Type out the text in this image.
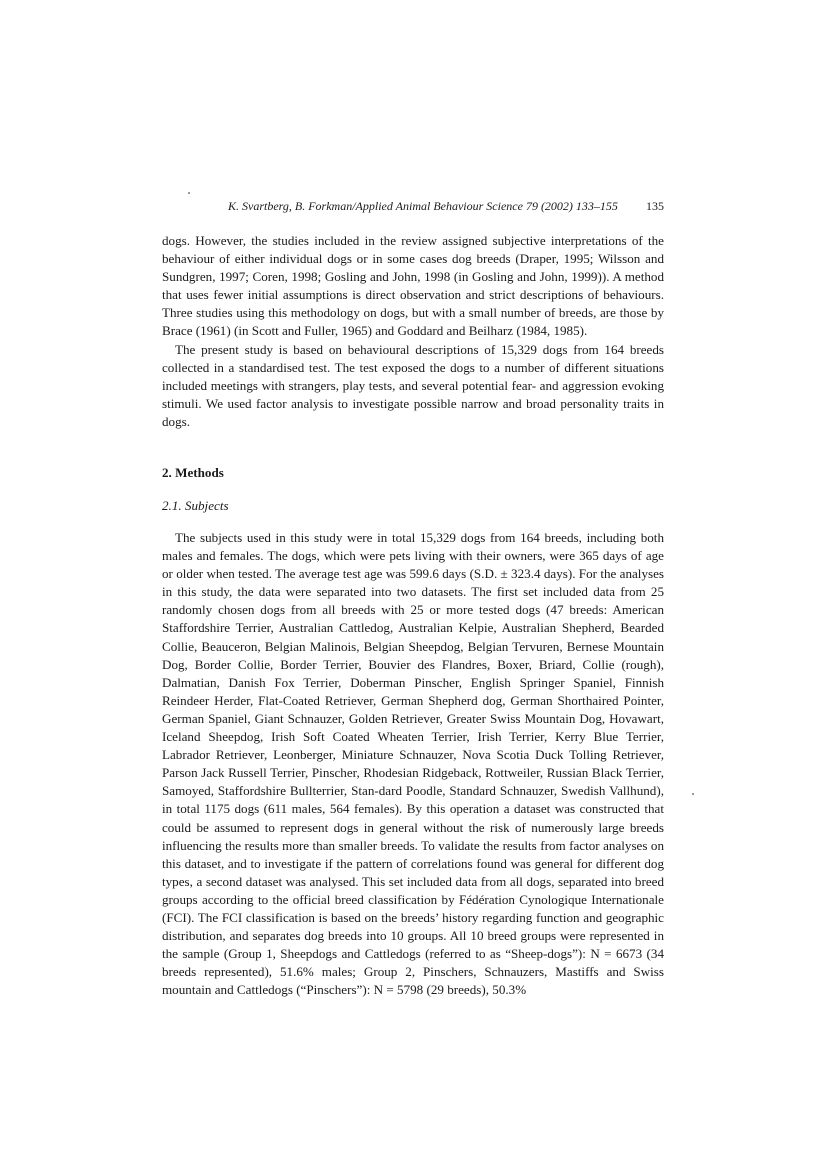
K. Svartberg, B. Forkman/Applied Animal Behaviour Science 79 (2002) 133–155 135

dogs. However, the studies included in the review assigned subjective interpretations of the behaviour of either individual dogs or in some cases dog breeds (Draper, 1995; Wilsson and Sundgren, 1997; Coren, 1998; Gosling and John, 1998 (in Gosling and John, 1999)). A method that uses fewer initial assumptions is direct observation and strict descriptions of behaviours. Three studies using this methodology on dogs, but with a small number of breeds, are those by Brace (1961) (in Scott and Fuller, 1965) and Goddard and Beilharz (1984, 1985).

The present study is based on behavioural descriptions of 15,329 dogs from 164 breeds collected in a standardised test. The test exposed the dogs to a number of different situations included meetings with strangers, play tests, and several potential fear- and aggression evoking stimuli. We used factor analysis to investigate possible narrow and broad personality traits in dogs.

2. Methods
2.1. Subjects

The subjects used in this study were in total 15,329 dogs from 164 breeds, including both males and females. The dogs, which were pets living with their owners, were 365 days of age or older when tested. The average test age was 599.6 days (S.D. ± 323.4 days). For the analyses in this study, the data were separated into two datasets. The first set included data from 25 randomly chosen dogs from all breeds with 25 or more tested dogs (47 breeds: American Staffordshire Terrier, Australian Cattledog, Australian Kelpie, Australian Shepherd, Bearded Collie, Beauceron, Belgian Malinois, Belgian Sheepdog, Belgian Tervuren, Bernese Mountain Dog, Border Collie, Border Terrier, Bouvier des Flandres, Boxer, Briard, Collie (rough), Dalmatian, Danish Fox Terrier, Doberman Pinscher, English Springer Spaniel, Finnish Reindeer Herder, Flat-Coated Retriever, German Shepherd dog, German Shorthaired Pointer, German Spaniel, Giant Schnauzer, Golden Retriever, Greater Swiss Mountain Dog, Hovawart, Iceland Sheepdog, Irish Soft Coated Wheaten Terrier, Irish Terrier, Kerry Blue Terrier, Labrador Retriever, Leonberger, Miniature Schnauzer, Nova Scotia Duck Tolling Retriever, Parson Jack Russell Terrier, Pinscher, Rhodesian Ridgeback, Rottweiler, Russian Black Terrier, Samoyed, Staffordshire Bullterrier, Stan-dard Poodle, Standard Schnauzer, Swedish Vallhund), in total 1175 dogs (611 males, 564 females). By this operation a dataset was constructed that could be assumed to represent dogs in general without the risk of numerously large breeds influencing the results more than smaller breeds. To validate the results from factor analyses on this dataset, and to investigate if the pattern of correlations found was general for different dog types, a second dataset was analysed. This set included data from all dogs, separated into breed groups according to the official breed classification by Fédération Cynologique Internationale (FCI). The FCI classification is based on the breeds’ history regarding function and geographic distribution, and separates dog breeds into 10 groups. All 10 breed groups were represented in the sample (Group 1, Sheepdogs and Cattledogs (referred to as “Sheep-dogs”): N = 6673 (34 breeds represented), 51.6% males; Group 2, Pinschers, Schnauzers, Mastiffs and Swiss mountain and Cattledogs (“Pinschers”): N = 5798 (29 breeds), 50.3%
